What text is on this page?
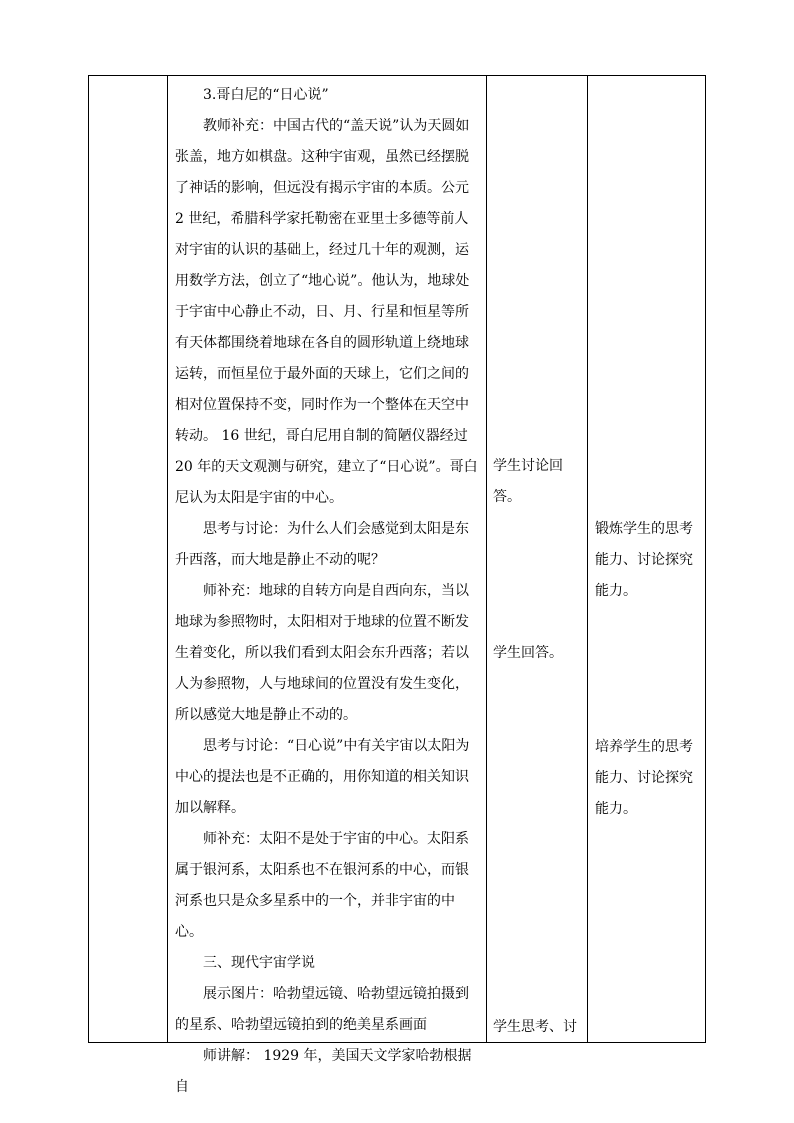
3.哥白尼的“日心说”

教师补充：中国古代的“盖天说”认为天圆如张盖，地方如棋盘。这种宇宙观，虽然已经摆脱了神话的影响，但远没有揭示宇宙的本质。公元 2 世纪，希腊科学家托勒密在亚里士多德等前人对宇宙的认识的基础上，经过几十年的观测，运用数学方法，创立了“地心说”。他认为，地球处于宇宙中心静止不动，日、月、行星和恒星等所有天体都围绕着地球在各自的圆形轨道上绕地球运转，而恒星位于最外面的天球上，它们之间的相对位置保持不变，同时作为一个整体在天空中转动。 16 世纪，哥白尼用自制的简陋仪器经过 20 年的天文观测与研究，建立了“日心说”。哥白尼认为太阳是宇宙的中心。

思考与讨论：为什么人们会感觉到太阳是东升西落，而大地是静止不动的呢？

师补充：地球的自转方向是自西向东，当以地球为参照物时，太阳相对于地球的位置不断发生着变化，所以我们看到太阳会东升西落；若以人为参照物，人与地球间的位置没有发生变化，所以感觉大地是静止不动的。

思考与讨论：“日心说”中有关宇宙以太阳为中心的提法也是不正确的，用你知道的相关知识加以解释。

师补充：太阳不是处于宇宙的中心。太阳系属于银河系，太阳系也不在银河系的中心，而银河系也只是众多星系中的一个，并非宇宙的中心。

三、现代宇宙学说

展示图片：哈勃望远镜、哈勃望远镜拍摄到的星系、哈勃望远镜拍到的绝美星系画面

师讲解： 1929 年，美国天文学家哈勃根据自

学生讨论回答。
学生回答。
学生思考、讨
锻炼学生的思考能力、讨论探究能力。
培养学生的思考能力、讨论探究能力。
